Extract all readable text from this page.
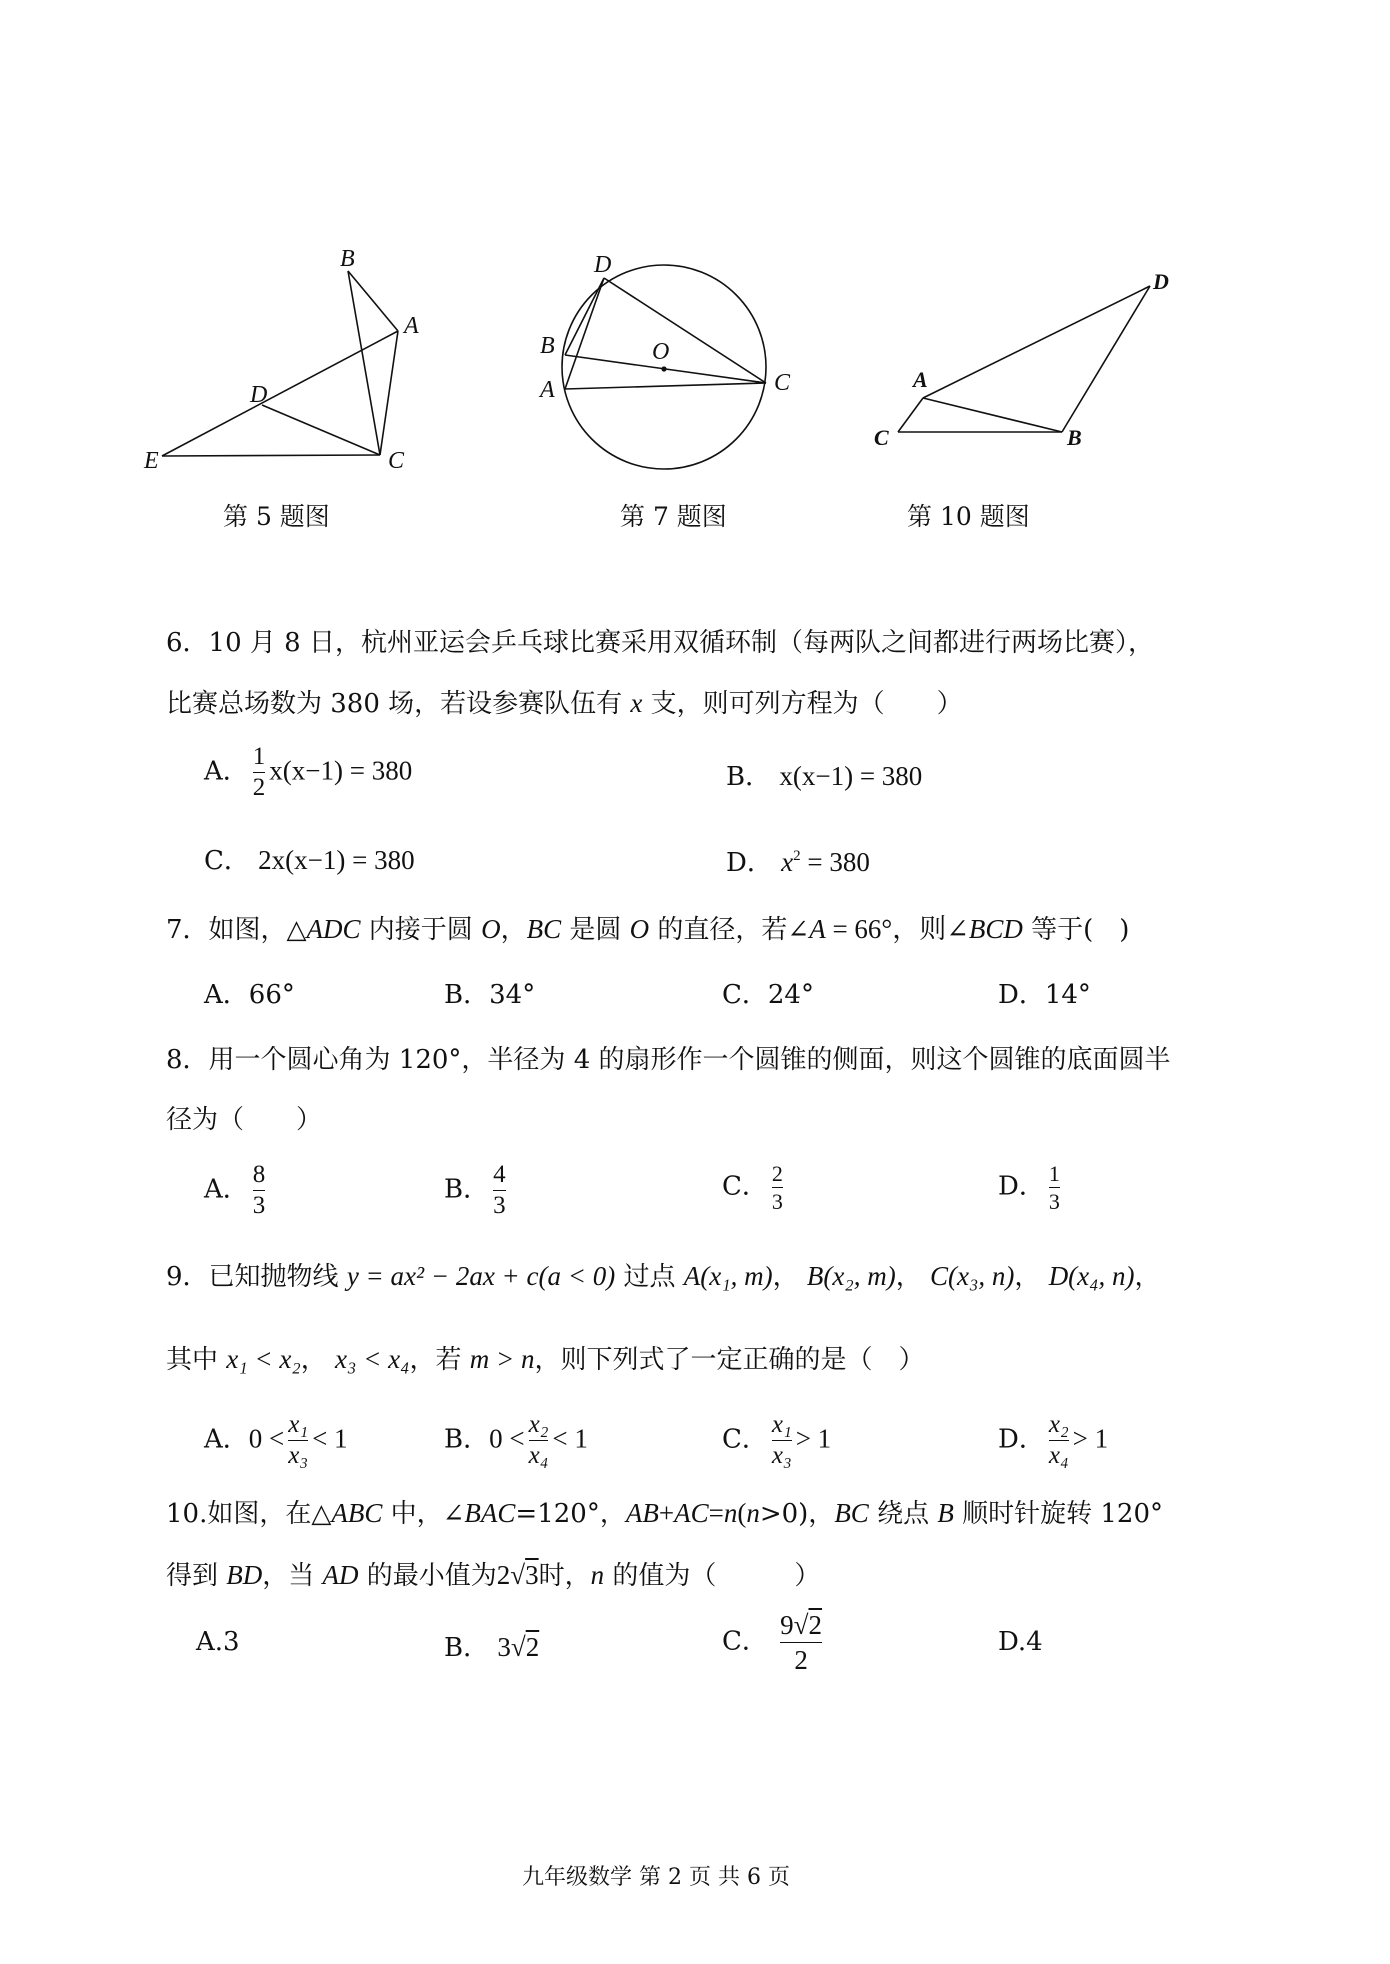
B
A
D
E	C
第 5 题图
D
B	O
A	C
第 7 题图
D
A
C	B
第 10 题图
6．10 月 8 日，杭州亚运会乒乓球比赛采用双循环制（每两队之间都进行两场比赛），
比赛总场数为 380 场，若设参赛队伍有 x 支，则可列方程为（　　）
A． $\frac{1}{2} x(x-1) = 380$	B． x(x−1) = 380
C． 2x(x−1) = 380	D． $x^2 = 380$
7．如图，△ADC 内接于圆 O，BC 是圆 O 的直径，若∠A = 66°，则∠BCD 等于(　)
A．66°	B．34°	C．24°	D．14°
8．用一个圆心角为 120°，半径为 4 的扇形作一个圆锥的侧面，则这个圆锥的底面圆半
径为（　　）
A． $\frac{8}{3}$	B． $\frac{4}{3}$	C． $\frac{2}{3}$	D． $\frac{1}{3}$
9．已知抛物线 y = ax² − 2ax + c(a < 0) 过点 A(x₁, m)， B(x₂, m)， C(x₃, n)， D(x₄, n)，
其中 x₁ < x₂， x₃ < x₄，若 m > n，则下列式了一定正确的是（　）
A．$0 < \frac{\text{x₁}}{\text{x₃}} < 1$	B．$0 < \frac{\text{x₂}}{\text{x₄}} < 1$	C． $\frac{\text{x₁}}{\text{x₃}} > 1$	D． $\frac{\text{x₂}}{\text{x₄}} > 1$
10.如图，在△ABC 中，∠BAC=120°，AB+AC=n(n>0)，BC 绕点 B 顺时针旋转 120°
得到 BD，当 AD 的最小值为2√3时，n 的值为（　　　）
A.3	B． 3√2	C． $\frac{9√2}{2}$	D.4
九年级数学 第 2 页 共 6 页
